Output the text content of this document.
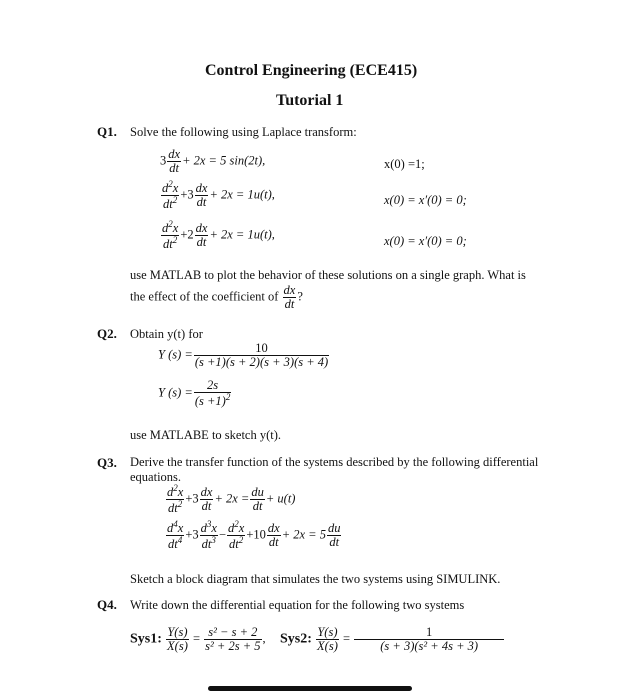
Control Engineering (ECE415)
Tutorial 1
Q1. Solve the following using Laplace transform:
$3 \frac{dx}{dt} + 2x = 5$ sin(2t),	x(0) =1;
$\frac{d^2x}{dt^2} +3 \frac{dx}{dt} + 2x = 1u(t)$,	x(0) = x′(0) = 0;
$\frac{d^2x}{dt^2} +2 \frac{dx}{dt} + 2x = 1u(t)$,	x(0) = x′(0) = 0;
use MATLAB to plot the behavior of these solutions on a single graph. What is
the effect of the coefficient of $\frac{dx}{dt}$ ?
Q2. Obtain y(t) for
Y $(s) = \frac{10}{(s +1)(s + 2)(s + 3)(s + 4)}$
Y $(s) = \frac{2s}{(s +1)^2}$
use MATLABE to sketch y(t).
Q3. Derive the transfer function of the systems described by the following differential
equations.
$\frac{d^2x}{dt^2} +3 \frac{dx}{dt} + 2x = \frac{du}{dt} + u(t)$
$\frac{d^4x}{dt^4} +3 \frac{d^3x}{dt^3} - \frac{d^2x}{dt^2} +10 \frac{dx}{dt} + 2x = 5 \frac{du}{dt}$
Sketch a block diagram that simulates the two systems using SIMULINK.
Q4. Write down the differential equation for the following two systems
Sys1: $\frac{Y(s)}{X(s)} = \frac{\text{s² − s + 2}}{\text{s² + 2s + 5}}$ , Sys2: $\frac{Y(s)}{X(s)} = \frac{1}{\text{(s + 3)(s² + 4s + 3)}}$
